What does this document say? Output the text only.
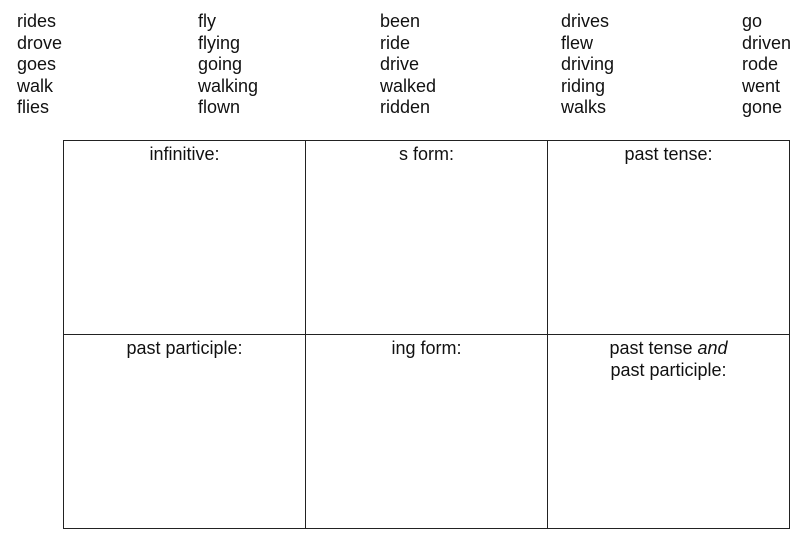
rides
drove
goes
walk
flies
fly
flying
going
walking
flown
been
ride
drive
walked
ridden
drives
flew
driving
riding
walks
go
driven
rode
went
gone
infinitive:	s form:	past tense:

past participle:	ing form:	past tense and
past participle:
